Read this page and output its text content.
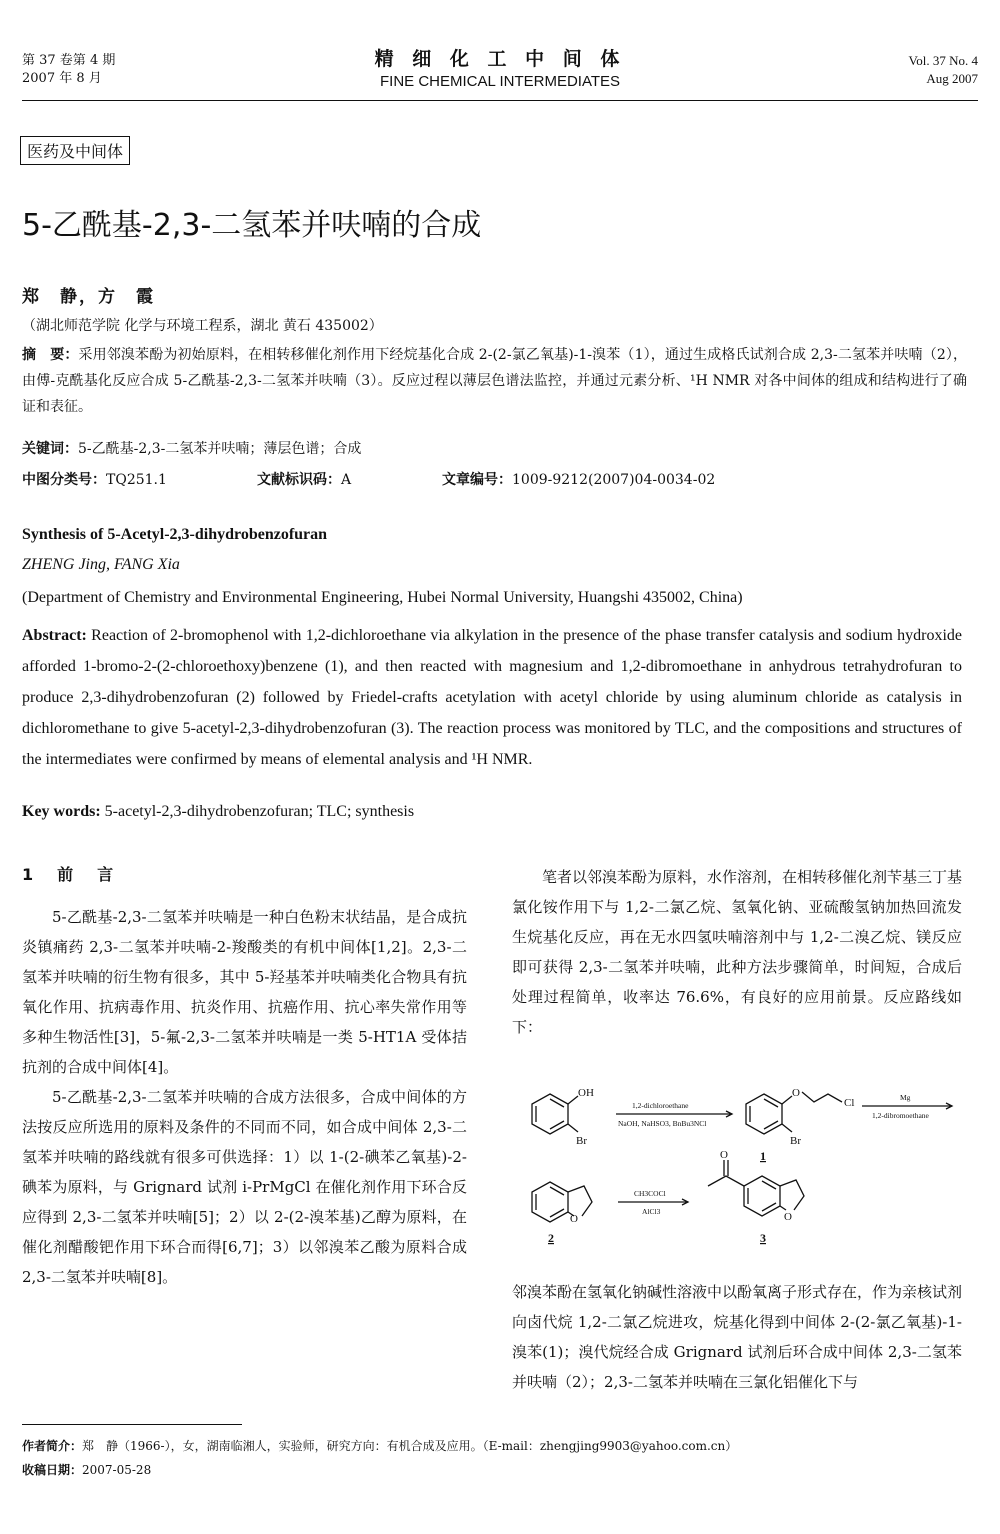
第 37 卷第 4 期
2007 年 8 月
精 细 化 工 中 间 体
FINE CHEMICAL INTERMEDIATES
Vol. 37 No. 4
Aug 2007
医药及中间体
5-乙酰基-2,3-二氢苯并呋喃的合成
郑　静，方　霞
（湖北师范学院 化学与环境工程系，湖北 黄石 435002）
摘　要：采用邻溴苯酚为初始原料，在相转移催化剂作用下经烷基化合成 2-(2-氯乙氧基)-1-溴苯（1），通过生成格氏试剂合成 2,3-二氢苯并呋喃（2），由傅-克酰基化反应合成 5-乙酰基-2,3-二氢苯并呋喃（3）。反应过程以薄层色谱法监控，并通过元素分析、¹H NMR 对各中间体的组成和结构进行了确证和表征。
关键词：5-乙酰基-2,3-二氢苯并呋喃；薄层色谱；合成
中图分类号：TQ251.1	文献标识码：A	文章编号：1009-9212(2007)04-0034-02
Synthesis of 5-Acetyl-2,3-dihydrobenzofuran
ZHENG Jing, FANG Xia
(Department of Chemistry and Environmental Engineering, Hubei Normal University, Huangshi 435002, China)
Abstract: Reaction of 2-bromophenol with 1,2-dichloroethane via alkylation in the presence of the phase transfer catalysis and sodium hydroxide afforded 1-bromo-2-(2-chloroethoxy)benzene (1), and then reacted with magnesium and 1,2-dibromoethane in anhydrous tetrahydrofuran to produce 2,3-dihydrobenzofuran (2) followed by Friedel-crafts acetylation with acetyl chloride by using aluminum chloride as catalysis in dichloromethane to give 5-acetyl-2,3-dihydrobenzofuran (3). The reaction process was monitored by TLC, and the compositions and structures of the intermediates were confirmed by means of elemental analysis and ¹H NMR.
Key words: 5-acetyl-2,3-dihydrobenzofuran; TLC; synthesis
1　前　言

5-乙酰基-2,3-二氢苯并呋喃是一种白色粉末状结晶，是合成抗炎镇痛药 2,3-二氢苯并呋喃-2-羧酸类的有机中间体[1,2]。2,3-二氢苯并呋喃的衍生物有很多，其中 5-羟基苯并呋喃类化合物具有抗氧化作用、抗病毒作用、抗炎作用、抗癌作用、抗心率失常作用等多种生物活性[3]，5-氟-2,3-二氢苯并呋喃是一类 5-HT1A 受体拮抗剂的合成中间体[4]。

5-乙酰基-2,3-二氢苯并呋喃的合成方法很多，合成中间体的方法按反应所选用的原料及条件的不同而不同，如合成中间体 2,3-二氢苯并呋喃的路线就有很多可供选择：1）以 1-(2-碘苯乙氧基)-2-碘苯为原料，与 Grignard 试剂 i-PrMgCl 在催化剂作用下环合反应得到 2,3-二氢苯并呋喃[5]；2）以 2-(2-溴苯基)乙醇为原料，在催化剂醋酸钯作用下环合而得[6,7]；3）以邻溴苯乙酸为原料合成 2,3-二氢苯并呋喃[8]。

笔者以邻溴苯酚为原料，水作溶剂，在相转移催化剂苄基三丁基氯化铵作用下与 1,2-二氯乙烷、氢氧化钠、亚硫酸氢钠加热回流发生烷基化反应，再在无水四氢呋喃溶剂中与 1,2-二溴乙烷、镁反应即可获得 2,3-二氢苯并呋喃，此种方法步骤简单，时间短，合成后处理过程简单，收率达 76.6%，有良好的应用前景。反应路线如下：

OH
Br
O
Cl
Br
O
O
O
1,2-dichloroethane
NaOH, NaHSO3, BnBu3NCl
Mg
1,2-dibromoethane
CH3COCl
AlCl3
1
2	3

邻溴苯酚在氢氧化钠碱性溶液中以酚氧离子形式存在，作为亲核试剂向卤代烷 1,2-二氯乙烷进攻，烷基化得到中间体 2-(2-氯乙氧基)-1-溴苯(1)；溴代烷经合成 Grignard 试剂后环合成中间体 2,3-二氢苯并呋喃（2）；2,3-二氢苯并呋喃在三氯化铝催化下与

作者简介：郑　静（1966-），女，湖南临湘人，实验师，研究方向：有机合成及应用。（E-mail：zhengjing9903@yahoo.com.cn）
收稿日期：2007-05-28
